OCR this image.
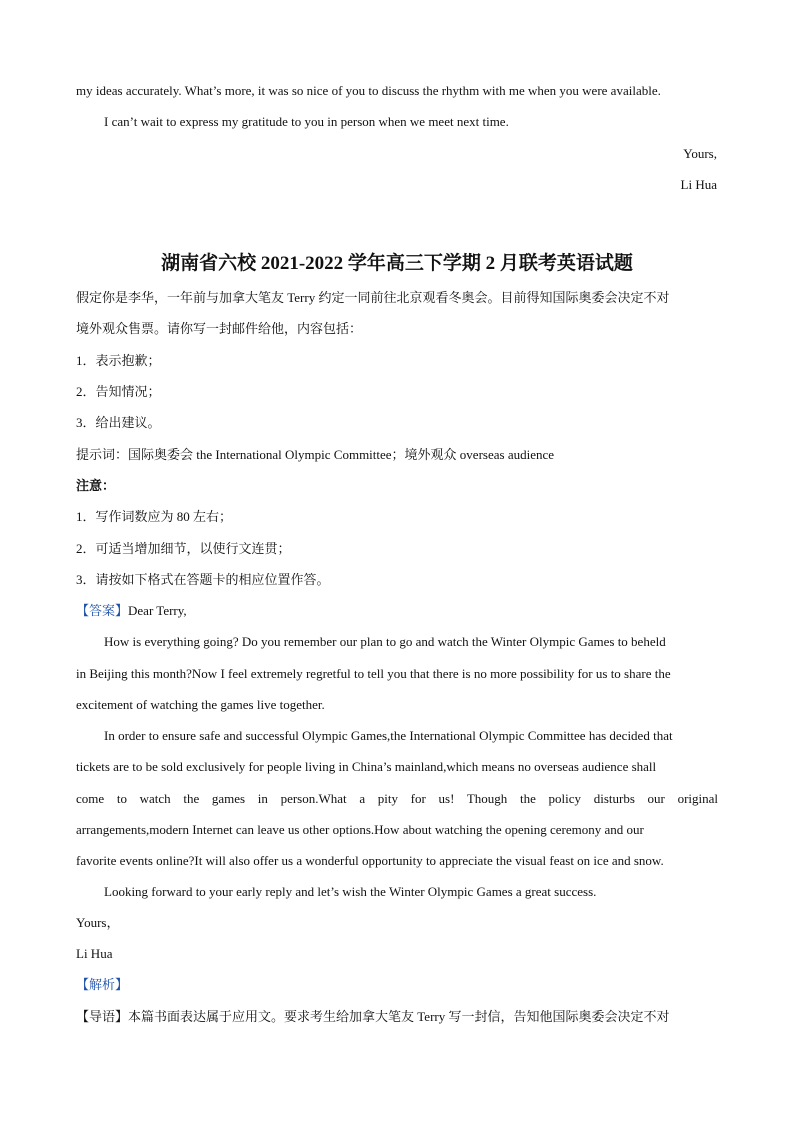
my ideas accurately. What’s more, it was so nice of you to discuss the rhythm with me when you were available.
I can’t wait to express my gratitude to you in person when we meet next time.
Yours,
Li Hua
湖南省六校 2021-2022 学年高三下学期 2 月联考英语试题
假定你是李华，一年前与加拿大笔友 Terry 约定一同前往北京观看冬奥会。目前得知国际奥委会决定不对
境外观众售票。请你写一封邮件给他，内容包括：
1．表示抱歉；
2．告知情况；
3．给出建议。
提示词：国际奥委会 the International Olympic Committee；境外观众 overseas audience
注意：
1．写作词数应为 80 左右；
2．可适当增加细节，以使行文连贯；
3．请按如下格式在答题卡的相应位置作答。
【答案】Dear Terry,
How is everything going? Do you remember our plan to go and watch the Winter Olympic Games to beheld
in Beijing this month?Now I feel extremely regretful to tell you that there is no more possibility for us to share the
excitement of watching the games live together.
In order to ensure safe and successful Olympic Games,the International Olympic Committee has decided that
tickets are to be sold exclusively for people living in China’s mainland,which means no overseas audience shall
come to watch the games in person.What a pity for us! Though the policy disturbs our original
arrangements,modern Internet can leave us other options.How about watching the opening ceremony and our
favorite events online?It will also offer us a wonderful opportunity to appreciate the visual feast on ice and snow.
Looking forward to your early reply and let’s wish the Winter Olympic Games a great success.
Yours，
Li Hua
【解析】
【导语】本篇书面表达属于应用文。要求考生给加拿大笔友 Terry 写一封信，告知他国际奥委会决定不对
